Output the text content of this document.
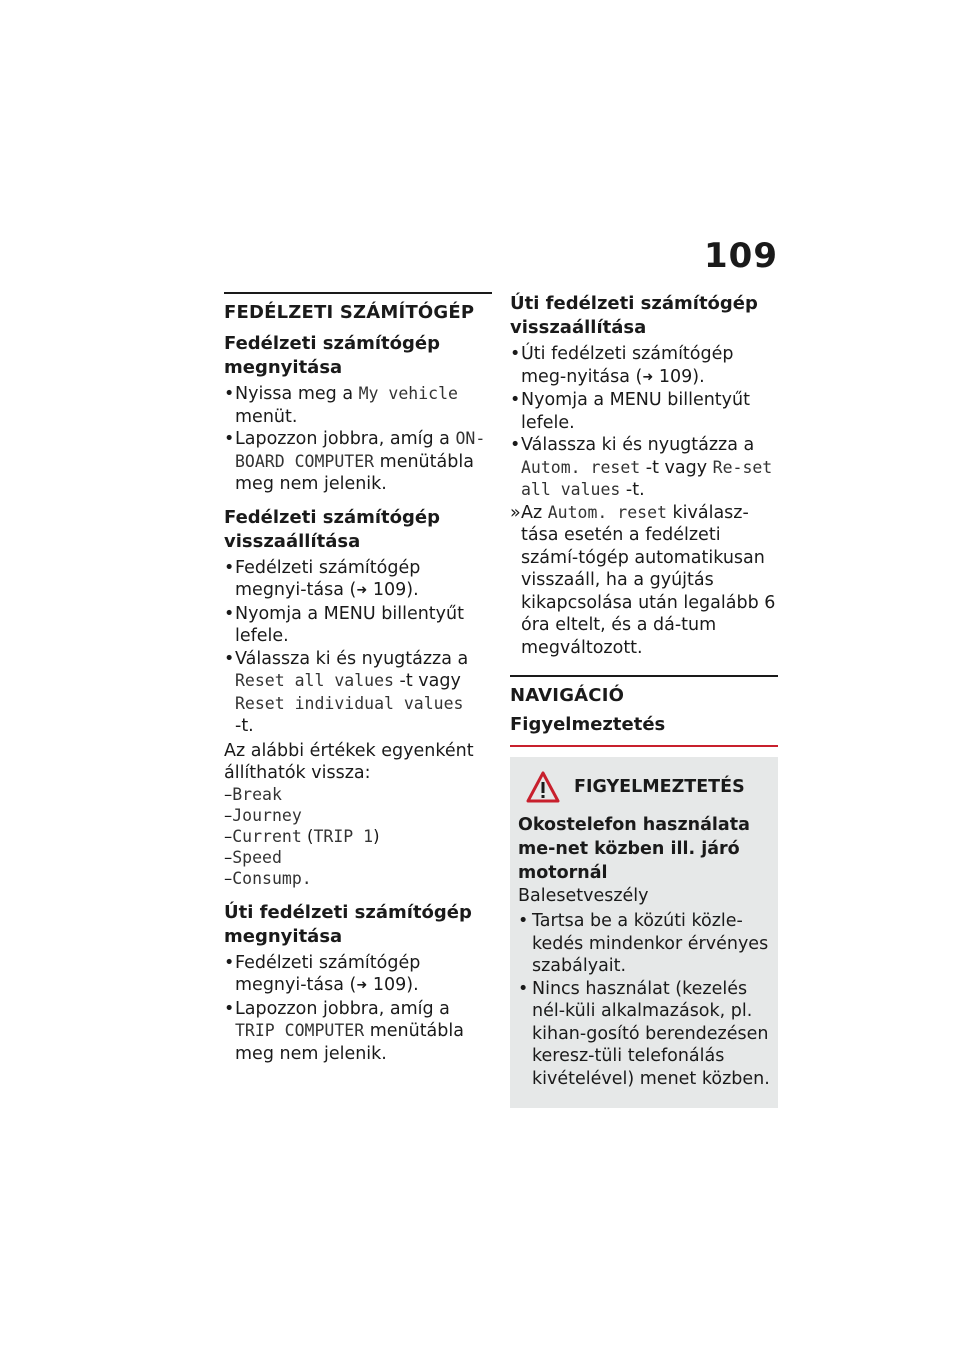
109
FEDÉLZETI SZÁMÍTÓGÉP
Fedélzeti számítógép megnyitása
• Nyissa meg a My vehicle
menüt.
• Lapozzon jobbra, amíg a ON-BOARD COMPUTER menütábla meg nem jelenik.
Fedélzeti számítógép visszaállítása
• Fedélzeti számítógép megnyi-tása (➜ 109).
• Nyomja a MENU billentyűt lefele.
• Válassza ki és nyugtázza a
Reset all values -t vagy
Reset individual values
-t.
Az alábbi értékek egyenként állíthatók vissza:
–Break
–Journey
–Current (TRIP 1)
–Speed
–Consump.
Úti fedélzeti számítógép megnyitása
• Fedélzeti számítógép megnyi-tása (➜ 109).
• Lapozzon jobbra, amíg a
TRIP COMPUTER menütábla meg nem jelenik.
Úti fedélzeti számítógép visszaállítása
• Úti fedélzeti számítógép meg-nyitása (➜ 109).
• Nyomja a MENU billentyűt lefele.
• Válassza ki és nyugtázza a
Autom. reset -t vagy Re-set all values -t.
» Az Autom. reset kiválasz-tása esetén a fedélzeti számí-tógép automatikusan visszaáll, ha a gyújtás kikapcsolása után legalább 6 óra eltelt, és a dá-tum megváltozott.
NAVIGÁCIÓ
Figyelmeztetés
FIGYELMEZTETÉS
Okostelefon használata me-net közben ill. járó motornál
Balesetveszély
• Tartsa be a közúti közle-kedés mindenkor érvényes szabályait.
• Nincs használat (kezelés nél-küli alkalmazások, pl. kihan-gosító berendezésen keresz-tüli telefonálás kivételével) menet közben.
